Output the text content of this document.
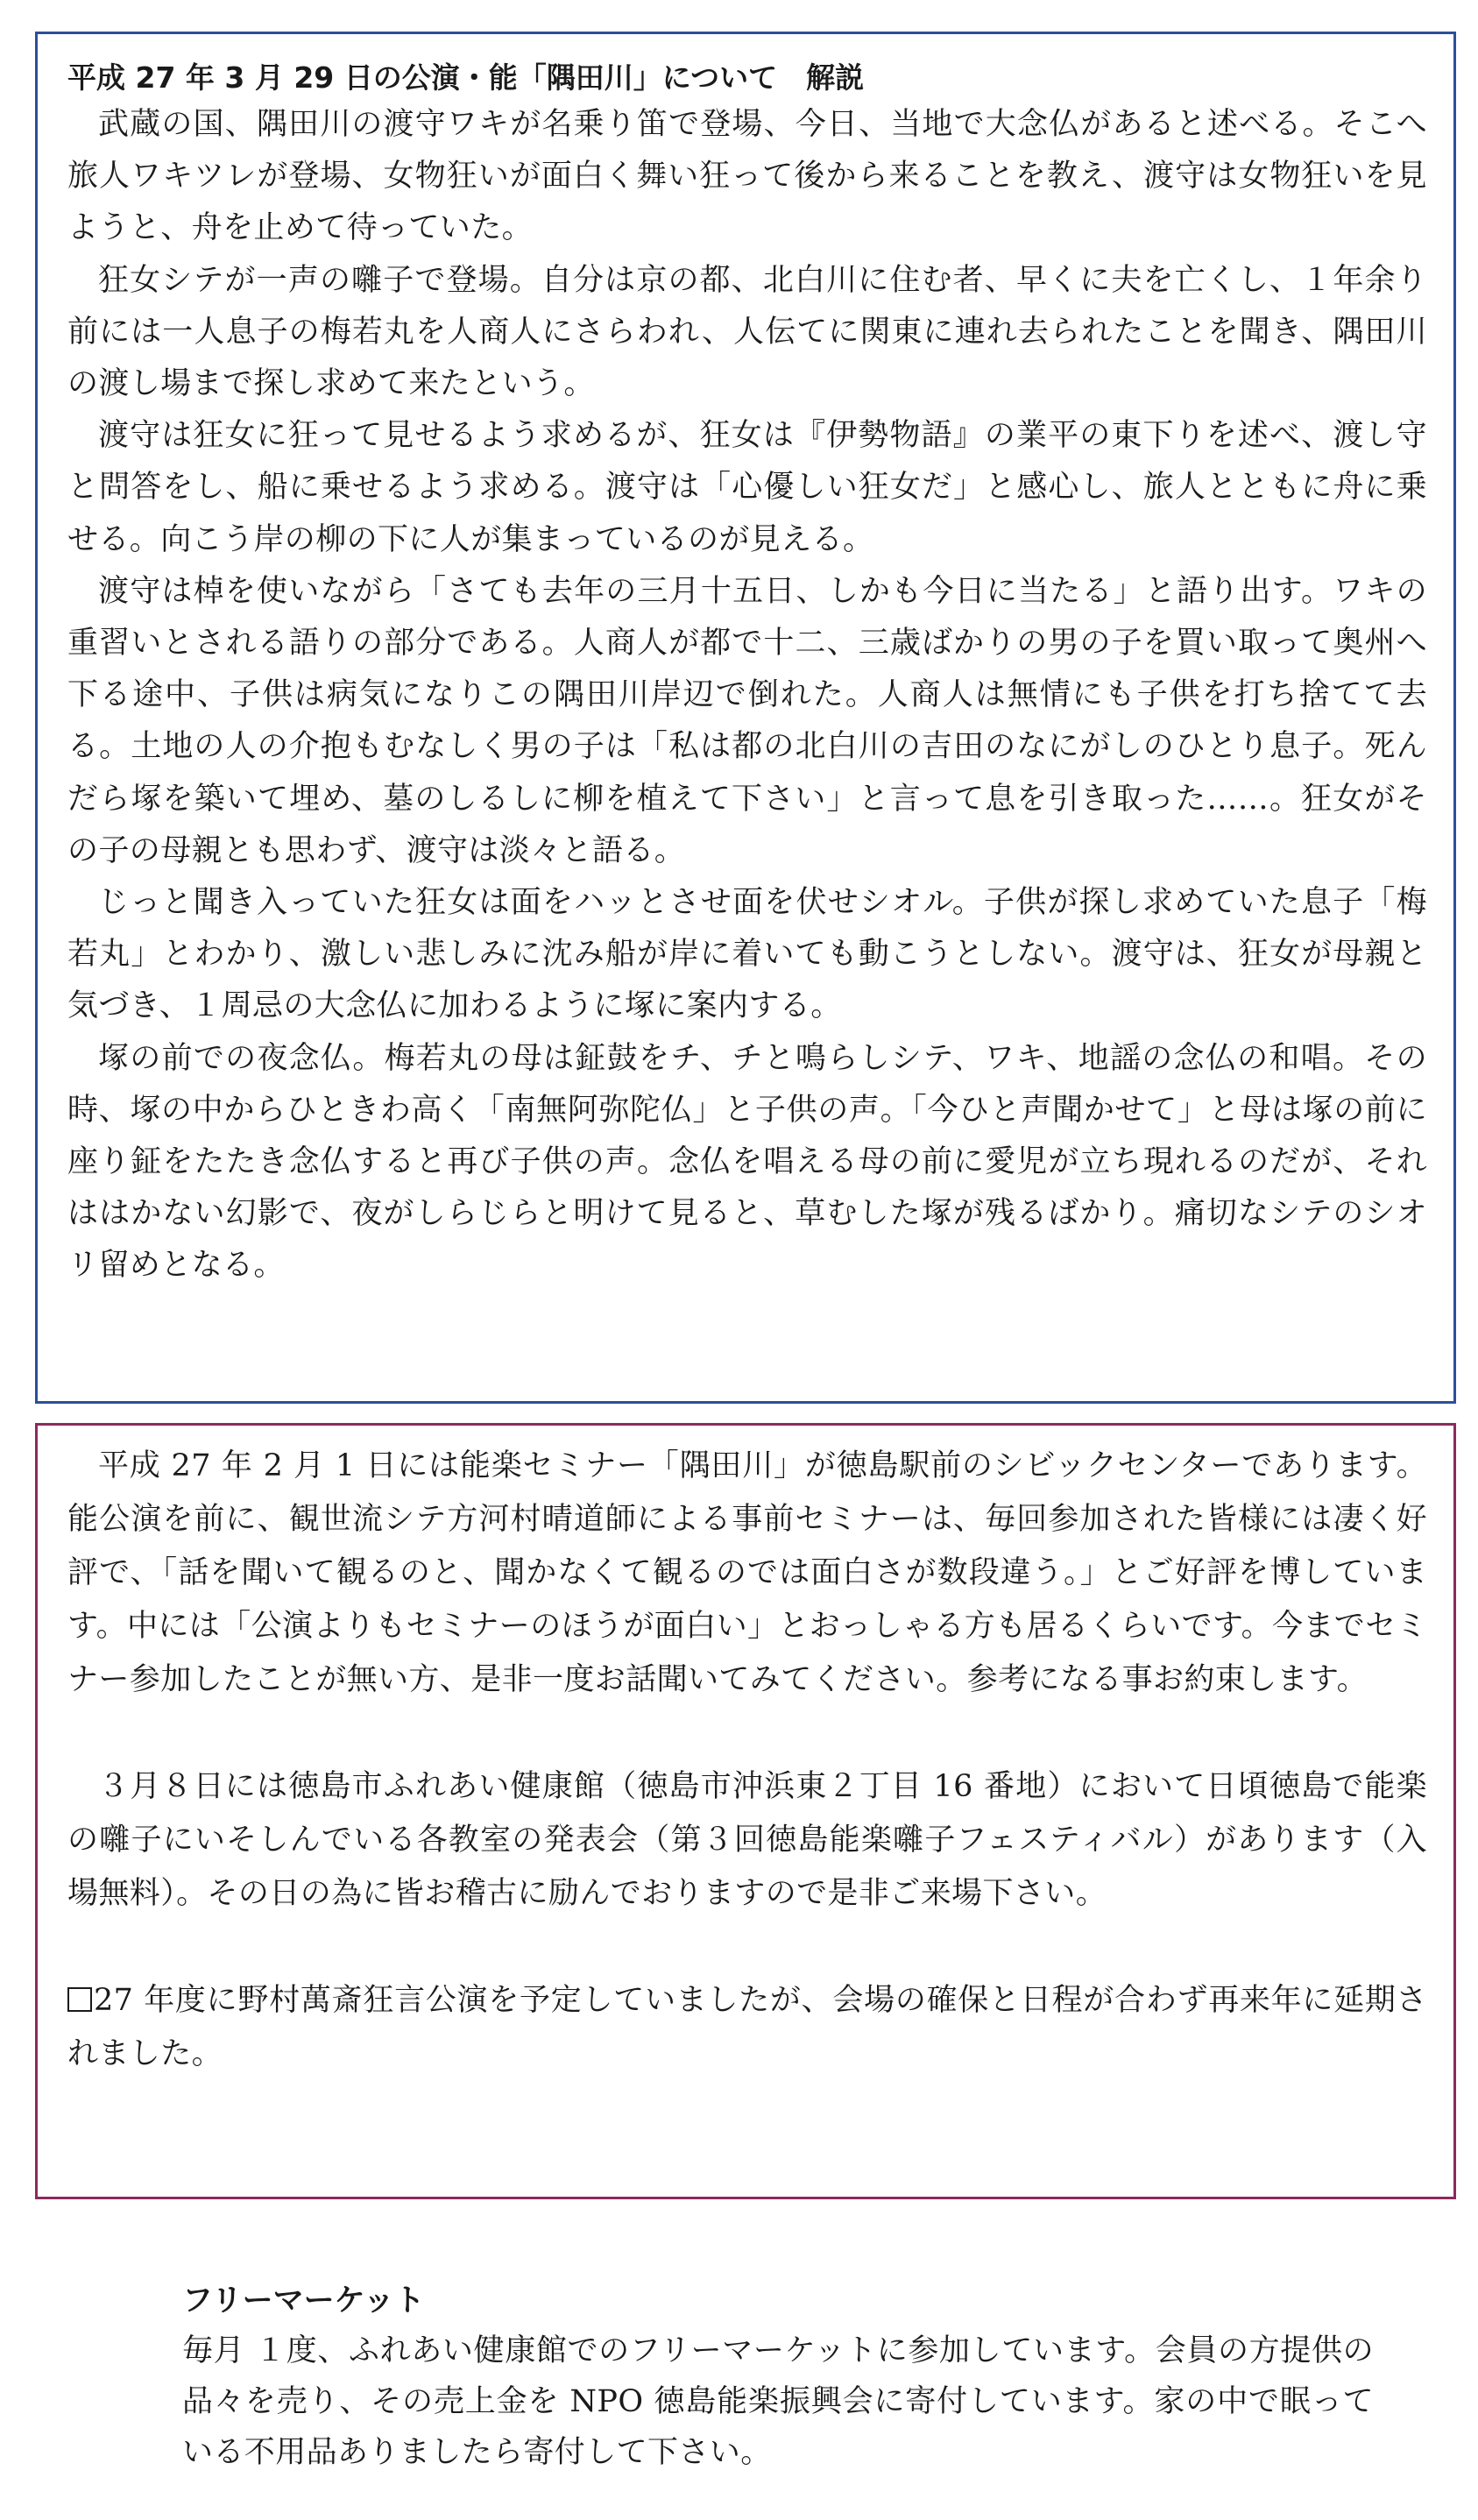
平成 27 年 3 月 29 日の公演・能「隅田川」について　解説

武蔵の国、隅田川の渡守ワキが名乗り笛で登場、今日、当地で大念仏があると述べる。そこへ旅人ワキツレが登場、女物狂いが面白く舞い狂って後から来ることを教え、渡守は女物狂いを見ようと、舟を止めて待っていた。

狂女シテが一声の囃子で登場。自分は京の都、北白川に住む者、早くに夫を亡くし、１年余り前には一人息子の梅若丸を人商人にさらわれ、人伝てに関東に連れ去られたことを聞き、隅田川の渡し場まで探し求めて来たという。

渡守は狂女に狂って見せるよう求めるが、狂女は『伊勢物語』の業平の東下りを述べ、渡し守と問答をし、船に乗せるよう求める。渡守は「心優しい狂女だ」と感心し、旅人とともに舟に乗せる。向こう岸の柳の下に人が集まっているのが見える。

渡守は棹を使いながら「さても去年の三月十五日、しかも今日に当たる」と語り出す。ワキの重習いとされる語りの部分である。人商人が都で十二、三歳ばかりの男の子を買い取って奥州へ下る途中、子供は病気になりこの隅田川岸辺で倒れた。人商人は無情にも子供を打ち捨てて去る。土地の人の介抱もむなしく男の子は「私は都の北白川の吉田のなにがしのひとり息子。死んだら塚を築いて埋め、墓のしるしに柳を植えて下さい」と言って息を引き取った……。狂女がその子の母親とも思わず、渡守は淡々と語る。

じっと聞き入っていた狂女は面をハッとさせ面を伏せシオル。子供が探し求めていた息子「梅若丸」とわかり、激しい悲しみに沈み船が岸に着いても動こうとしない。渡守は、狂女が母親と気づき、１周忌の大念仏に加わるように塚に案内する。

塚の前での夜念仏。梅若丸の母は鉦鼓をチ、チと鳴らしシテ、ワキ、地謡の念仏の和唱。その時、塚の中からひときわ高く「南無阿弥陀仏」と子供の声。「今ひと声聞かせて」と母は塚の前に座り鉦をたたき念仏すると再び子供の声。念仏を唱える母の前に愛児が立ち現れるのだが、それははかない幻影で、夜がしらじらと明けて見ると、草むした塚が残るばかり。痛切なシテのシオリ留めとなる。

平成 27 年 2 月 1 日には能楽セミナー「隅田川」が徳島駅前のシビックセンターであります。能公演を前に、観世流シテ方河村晴道師による事前セミナーは、毎回参加された皆様には凄く好評で、「話を聞いて観るのと、聞かなくて観るのでは面白さが数段違う。」とご好評を博しています。中には「公演よりもセミナーのほうが面白い」とおっしゃる方も居るくらいです。今までセミナー参加したことが無い方、是非一度お話聞いてみてください。参考になる事お約束します。

３月８日には徳島市ふれあい健康館（徳島市沖浜東２丁目 16 番地）において日頃徳島で能楽の囃子にいそしんでいる各教室の発表会（第３回徳島能楽囃子フェスティバル）があります（入場無料）。その日の為に皆お稽古に励んでおりますので是非ご来場下さい。

27 年度に野村萬斎狂言公演を予定していましたが、会場の確保と日程が合わず再来年に延期されました。

フリーマーケット

毎月 １度、ふれあい健康館でのフリーマーケットに参加しています。会員の方提供の品々を売り、その売上金を NPO 徳島能楽振興会に寄付しています。家の中で眠っている不用品ありましたら寄付して下さい。
